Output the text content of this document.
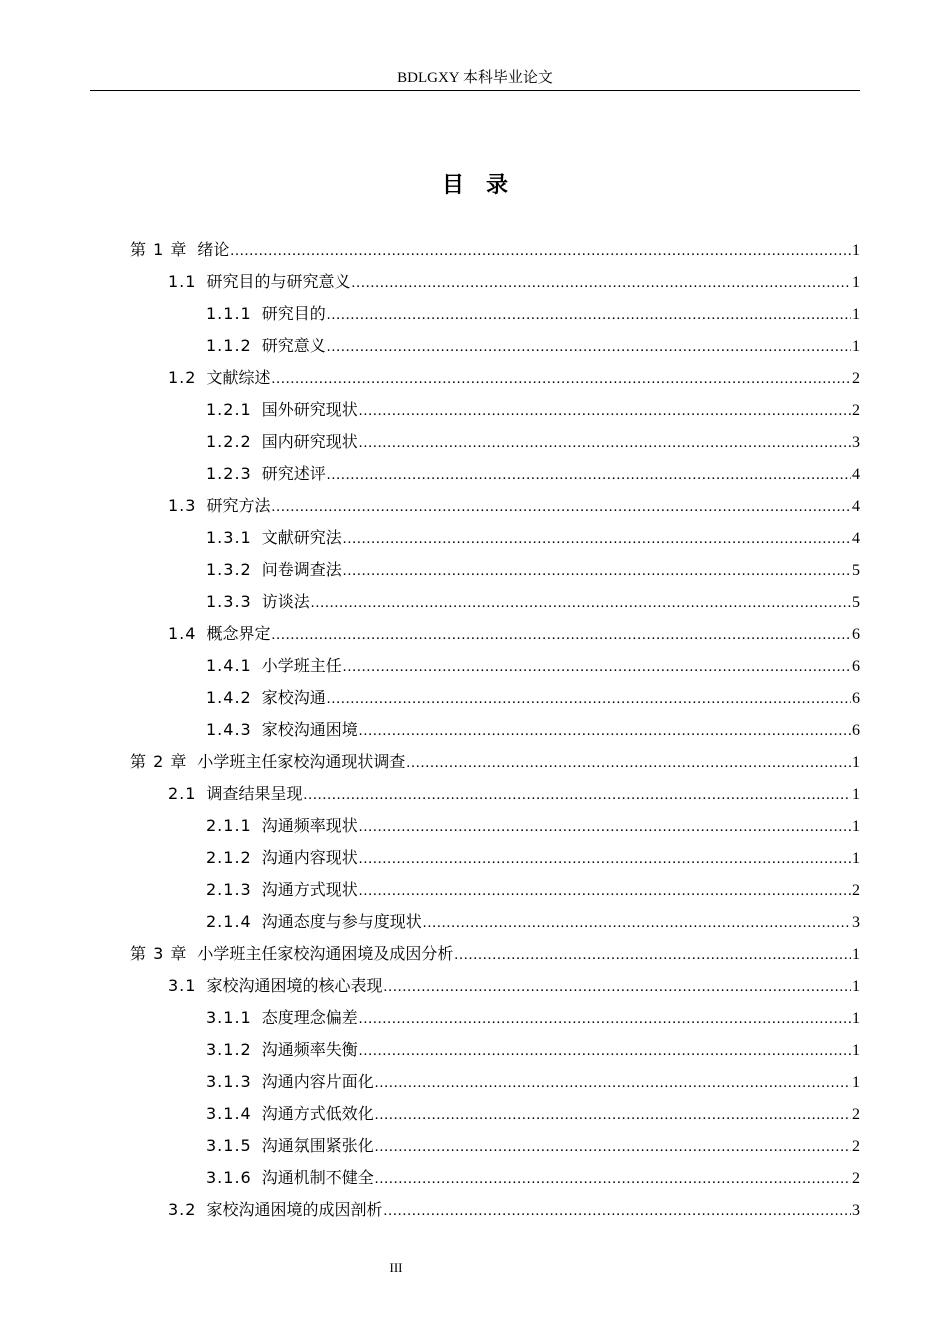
BDLGXY 本科毕业论文
目录
第 1 章 绪论 .....	1
1.1 研究目的与研究意义 .....	1
1.1.1 研究目的 .....	1
1.1.2 研究意义 .....	1
1.2 文献综述 .....	2
1.2.1 国外研究现状 .....	2
1.2.2 国内研究现状 .....	3
1.2.3 研究述评 .....	4
1.3 研究方法 .....	4
1.3.1 文献研究法 .....	4
1.3.2 问卷调查法 .....	5
1.3.3 访谈法 .....	5
1.4 概念界定 .....	6
1.4.1 小学班主任 .....	6
1.4.2 家校沟通 .....	6
1.4.3 家校沟通困境 .....	6
第 2 章 小学班主任家校沟通现状调查 .....	1
2.1 调查结果呈现 .....	1
2.1.1 沟通频率现状 .....	1
2.1.2 沟通内容现状 .....	1
2.1.3 沟通方式现状 .....	2
2.1.4 沟通态度与参与度现状 .....	3
第 3 章 小学班主任家校沟通困境及成因分析 .....	1
3.1 家校沟通困境的核心表现 .....	1
3.1.1 态度理念偏差 .....	1
3.1.2 沟通频率失衡 .....	1
3.1.3 沟通内容片面化 .....	1
3.1.4 沟通方式低效化 .....	2
3.1.5 沟通氛围紧张化 .....	2
3.1.6 沟通机制不健全 .....	2
3.2 家校沟通困境的成因剖析 .....	3
III
